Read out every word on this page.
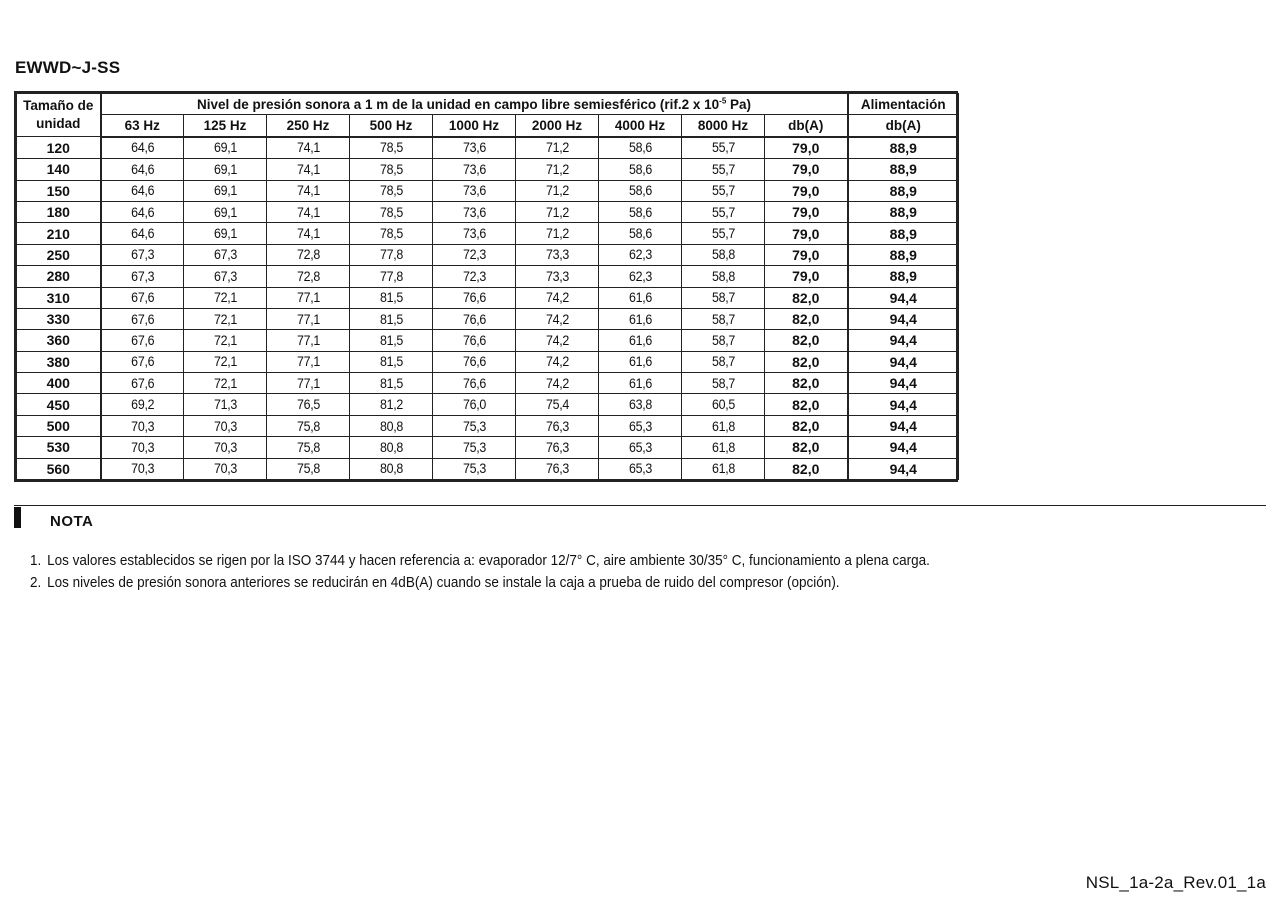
EWWD~J-SS
Tamaño de
unidad	Nivel de presión sonora a 1 m de la unidad en campo libre semiesférico (rif.2 x $10^{-5}$ Pa)									Alimentación
	63 Hz	125 Hz	250 Hz	500 Hz	1000 Hz	2000 Hz	4000 Hz	8000 Hz	db(A)	db(A)
120	64,6	69,1	74,1	78,5	73,6	71,2	58,6	55,7	79,0	88,9
140	64,6	69,1	74,1	78,5	73,6	71,2	58,6	55,7	79,0	88,9
150	64,6	69,1	74,1	78,5	73,6	71,2	58,6	55,7	79,0	88,9
180	64,6	69,1	74,1	78,5	73,6	71,2	58,6	55,7	79,0	88,9
210	64,6	69,1	74,1	78,5	73,6	71,2	58,6	55,7	79,0	88,9
250	67,3	67,3	72,8	77,8	72,3	73,3	62,3	58,8	79,0	88,9
280	67,3	67,3	72,8	77,8	72,3	73,3	62,3	58,8	79,0	88,9
310	67,6	72,1	77,1	81,5	76,6	74,2	61,6	58,7	82,0	94,4
330	67,6	72,1	77,1	81,5	76,6	74,2	61,6	58,7	82,0	94,4
360	67,6	72,1	77,1	81,5	76,6	74,2	61,6	58,7	82,0	94,4
380	67,6	72,1	77,1	81,5	76,6	74,2	61,6	58,7	82,0	94,4
400	67,6	72,1	77,1	81,5	76,6	74,2	61,6	58,7	82,0	94,4
450	69,2	71,3	76,5	81,2	76,0	75,4	63,8	60,5	82,0	94,4
500	70,3	70,3	75,8	80,8	75,3	76,3	65,3	61,8	82,0	94,4
530	70,3	70,3	75,8	80,8	75,3	76,3	65,3	61,8	82,0	94,4
560	70,3	70,3	75,8	80,8	75,3	76,3	65,3	61,8	82,0	94,4
NOTA
1. Los valores establecidos se rigen por la ISO 3744 y hacen referencia a: evaporador 12/7° C, aire ambiente 30/35° C, funcionamiento a plena carga.
2. Los niveles de presión sonora anteriores se reducirán en 4dB(A) cuando se instale la caja a prueba de ruido del compresor (opción).
NSL_1a-2a_Rev.01_1a
